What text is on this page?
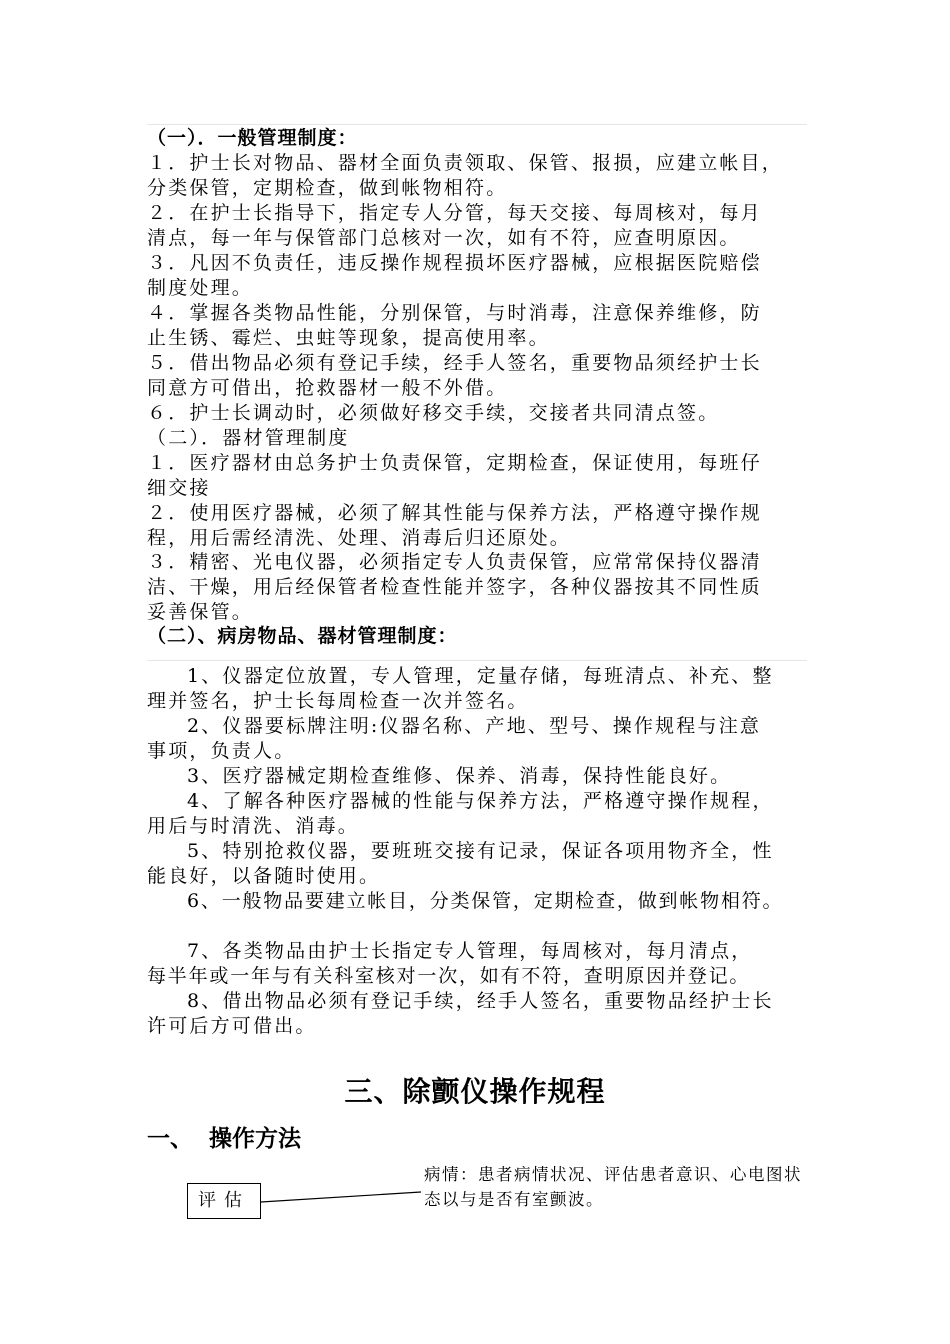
（一）．一般管理制度：
１．护士长对物品、器材全面负责领取、保管、报损，应建立帐目，
分类保管，定期检查，做到帐物相符。
２．在护士长指导下，指定专人分管，每天交接、每周核对，每月
清点，每一年与保管部门总核对一次，如有不符，应查明原因。
３．凡因不负责任，违反操作规程损坏医疗器械，应根据医院赔偿
制度处理。
４．掌握各类物品性能，分别保管，与时消毒，注意保养维修，防
止生锈、霉烂、虫蛀等现象，提高使用率。
５．借出物品必须有登记手续，经手人签名，重要物品须经护士长
同意方可借出，抢救器材一般不外借。
６．护士长调动时，必须做好移交手续，交接者共同清点签。
（二）．器材管理制度
１．医疗器材由总务护士负责保管，定期检查，保证使用，每班仔
细交接
２．使用医疗器械，必须了解其性能与保养方法，严格遵守操作规
程，用后需经清洗、处理、消毒后归还原处。
３．精密、光电仪器，必须指定专人负责保管，应常常保持仪器清
洁、干燥，用后经保管者检查性能并签字，各种仪器按其不同性质
妥善保管。
（二）、病房物品、器材管理制度：
1、仪器定位放置，专人管理，定量存储，每班清点、补充、整
理并签名，护士长每周检查一次并签名。
2、仪器要标牌注明:仪器名称、产地、型号、操作规程与注意
事项，负责人。
3、医疗器械定期检查维修、保养、消毒，保持性能良好。
4、了解各种医疗器械的性能与保养方法，严格遵守操作规程，
用后与时清洗、消毒。
5、特别抢救仪器，要班班交接有记录，保证各项用物齐全，性
能良好，以备随时使用。
6、一般物品要建立帐目，分类保管，定期检查，做到帐物相符。
7、各类物品由护士长指定专人管理，每周核对，每月清点，
每半年或一年与有关科室核对一次，如有不符，查明原因并登记。
8、借出物品必须有登记手续，经手人签名，重要物品经护士长
许可后方可借出。
三、除颤仪操作规程
一、 操作方法
评估
病情：患者病情状况、评估患者意识、心电图状态以与是否有室颤波。
